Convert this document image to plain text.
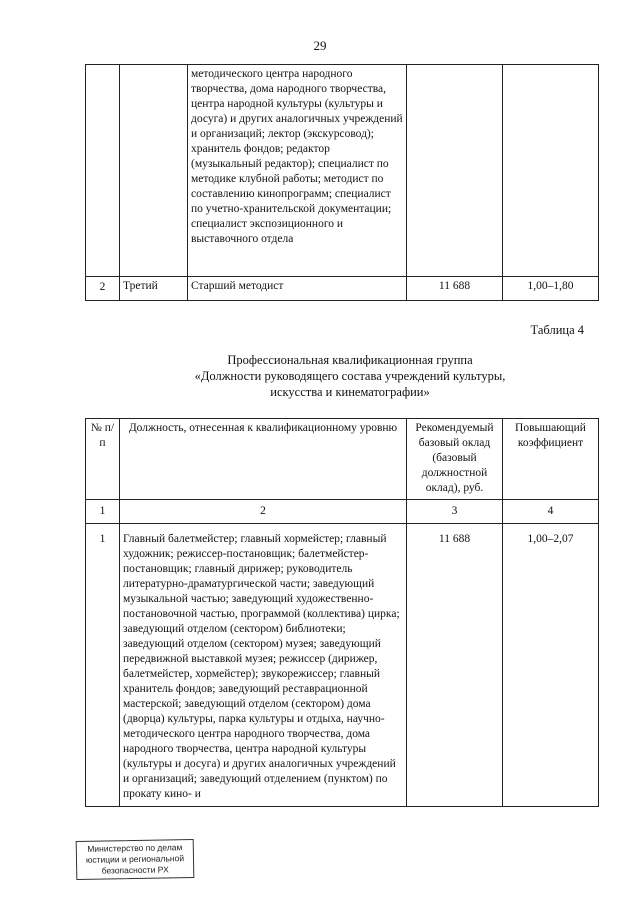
29
		методического центра народного творчества, дома народного творчества, центра народной культуры (культуры и досуга) и других аналогичных учреждений и организаций; лектор (экскурсовод); хранитель фондов; редактор (музыкальный редактор); специалист по методике клубной работы; методист по составлению кинопрограмм; специалист по учетно-хранительской документации; специалист экспозиционного и выставочного отдела		
2	Третий	Старший методист	11 688	1,00–1,80
Таблица 4
Профессиональная квалификационная группа
«Должности руководящего состава учреждений культуры,
искусства и кинематографии»
№ п/п	Должность, отнесенная к квалификационному уровню	Рекомендуемый базовый оклад (базовый должностной оклад), руб.	Повышающий коэффициент
1	2	3	4
1	Главный балетмейстер; главный хормейстер; главный художник; режиссер-постановщик; балетмейстер-постановщик; главный дирижер; руководитель литературно-драматургической части; заведующий музыкальной частью; заведующий художественно-постановочной частью, программой (коллектива) цирка; заведующий отделом (сектором) библиотеки; заведующий отделом (сектором) музея; заведующий передвижной выставкой музея; режиссер (дирижер, балетмейстер, хормейстер); звукорежиссер; главный хранитель фондов; заведующий реставрационной мастерской; заведующий отделом (сектором) дома (дворца) культуры, парка культуры и отдыха, научно-методического центра народного творчества, дома народного творчества, центра народной культуры (культуры и досуга) и других аналогичных учреждений и организаций; заведующий отделением (пунктом) по прокату кино- и	11 688	1,00–2,07
Министерство по делам
юстиции и региональной
безопасности РХ
